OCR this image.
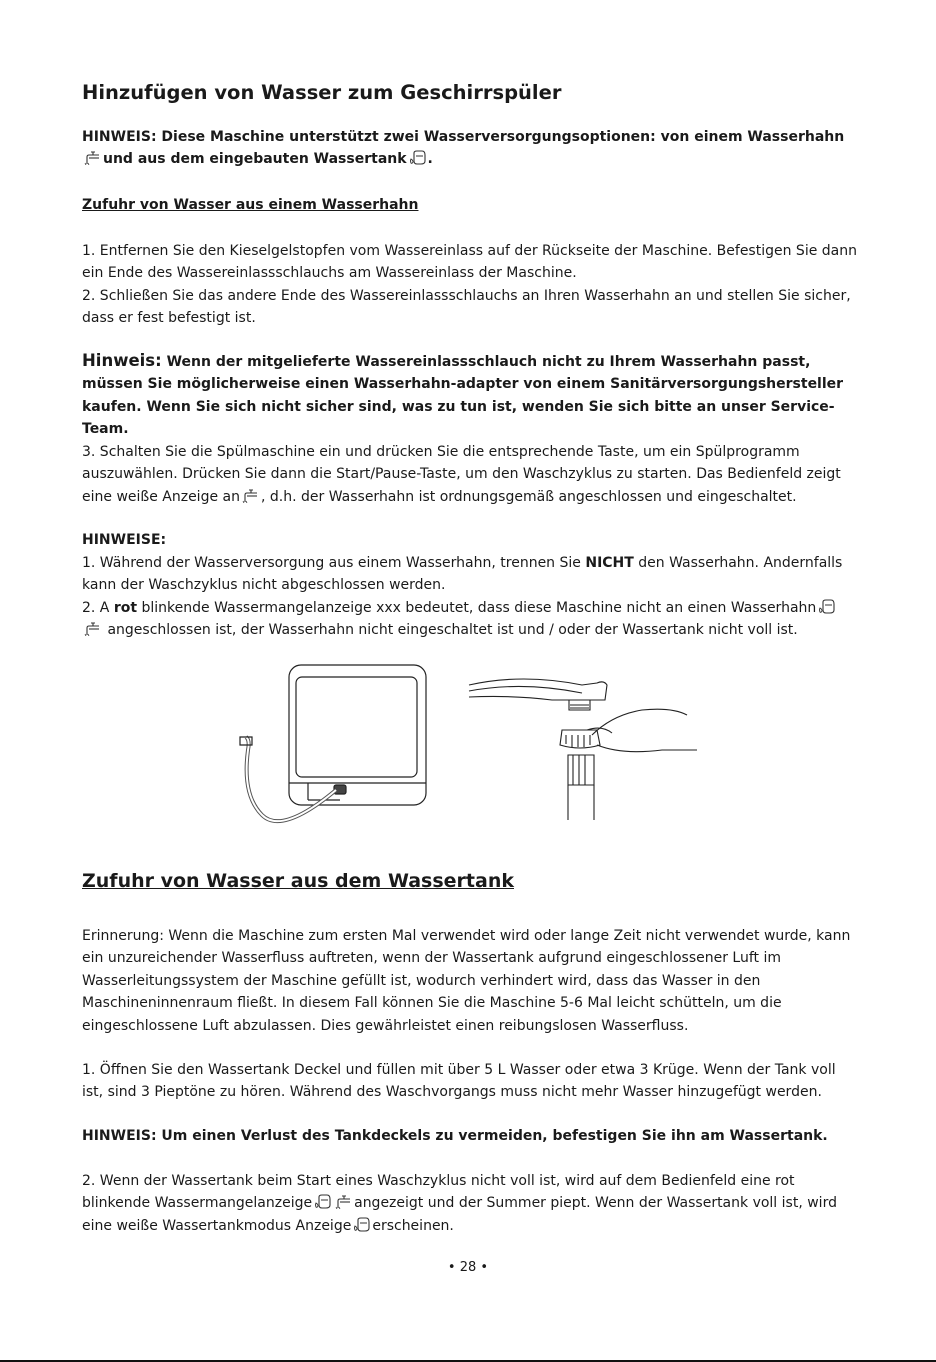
Hinzufügen von Wasser zum Geschirrspüler
HINWEIS: Diese Maschine unterstützt zwei Wasserversorgungsoptionen: von einem Wasserhahn
und aus dem eingebauten Wassertank .
Zufuhr von Wasser aus einem Wasserhahn
1. Entfernen Sie den Kieselgelstopfen vom Wassereinlass auf der Rückseite der Maschine. Befestigen Sie dann ein Ende des Wassereinlassschlauchs am Wassereinlass der Maschine.
2. Schließen Sie das andere Ende des Wassereinlassschlauchs an Ihren Wasserhahn an und stellen Sie sicher, dass er fest befestigt ist.
Hinweis: Wenn der mitgelieferte Wassereinlassschlauch nicht zu Ihrem Wasserhahn passt, müssen Sie möglicherweise einen Wasserhahn-adapter von einem Sanitärversorgungshersteller kaufen. Wenn Sie sich nicht sicher sind, was zu tun ist, wenden Sie sich bitte an unser Service-Team.
3. Schalten Sie die Spülmaschine ein und drücken Sie die entsprechende Taste, um ein Spülprogramm auszuwählen. Drücken Sie dann die Start/Pause-Taste, um den Waschzyklus zu starten. Das Bedienfeld zeigt eine weiße Anzeige an , d.h. der Wasserhahn ist ordnungsgemäß angeschlossen und eingeschaltet.
HINWEISE:
1. Während der Wasserversorgung aus einem Wasserhahn, trennen Sie NICHT den Wasserhahn. Andernfalls kann der Waschzyklus nicht abgeschlossen werden.
2. A rot blinkende Wassermangelanzeige xxx bedeutet, dass diese Maschine nicht an einen Wasserhahn
angeschlossen ist, der Wasserhahn nicht eingeschaltet ist und / oder der Wassertank nicht voll ist.
Zufuhr von Wasser aus dem Wassertank
Erinnerung: Wenn die Maschine zum ersten Mal verwendet wird oder lange Zeit nicht verwendet wurde, kann ein unzureichender Wasserfluss auftreten, wenn der Wassertank aufgrund eingeschlossener Luft im Wasserleitungssystem der Maschine gefüllt ist, wodurch verhindert wird, dass das Wasser in den Maschineninnenraum fließt. In diesem Fall können Sie die Maschine 5-6 Mal leicht schütteln, um die eingeschlossene Luft abzulassen. Dies gewährleistet einen reibungslosen Wasserfluss.
1. Öffnen Sie den Wassertank Deckel und füllen mit über 5 L Wasser oder etwa 3 Krüge. Wenn der Tank voll ist, sind 3 Pieptöne zu hören. Während des Waschvorgangs muss nicht mehr Wasser hinzugefügt werden.
HINWEIS: Um einen Verlust des Tankdeckels zu vermeiden, befestigen Sie ihn am Wassertank.
2. Wenn der Wassertank beim Start eines Waschzyklus nicht voll ist, wird auf dem Bedienfeld eine rot blinkende Wassermangelanzeige	angezeigt und der Summer piept. Wenn der Wassertank voll ist, wird eine weiße Wassertankmodus Anzeige erscheinen.
• 28 •
